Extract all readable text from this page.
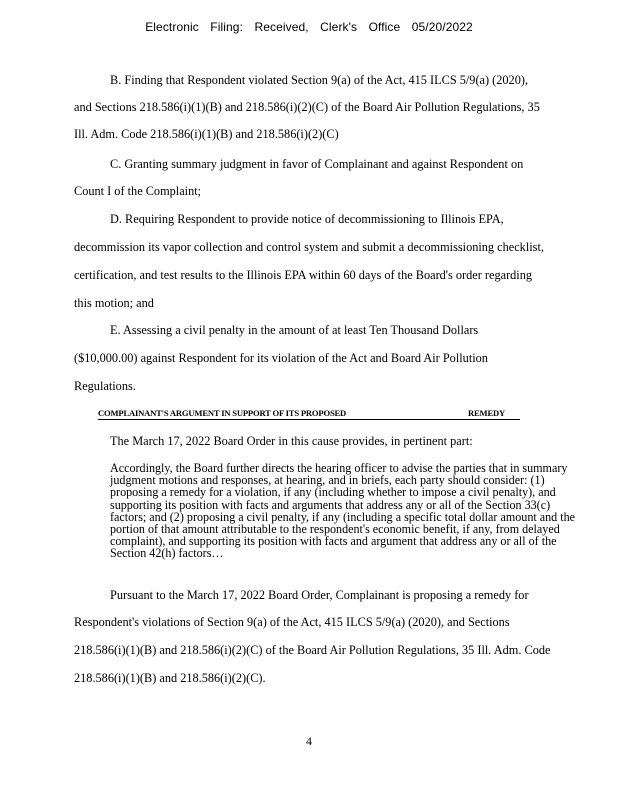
Electronic Filing: Received, Clerk's Office 05/20/2022
B. Finding that Respondent violated Section 9(a) of the Act, 415 ILCS 5/9(a) (2020),
and Sections 218.586(i)(1)(B) and 218.586(i)(2)(C) of the Board Air Pollution Regulations, 35
Ill. Adm. Code 218.586(i)(1)(B) and 218.586(i)(2)(C)
C. Granting summary judgment in favor of Complainant and against Respondent on
Count I of the Complaint;
D. Requiring Respondent to provide notice of decommissioning to Illinois EPA,
decommission its vapor collection and control system and submit a decommissioning checklist,
certification, and test results to the Illinois EPA within 60 days of the Board's order regarding
this motion; and
E. Assessing a civil penalty in the amount of at least Ten Thousand Dollars
($10,000.00) against Respondent for its violation of the Act and Board Air Pollution
Regulations.
COMPLAINANT'S ARGUMENT IN SUPPORT OF ITS PROPOSED	REMEDY
The March 17, 2022 Board Order in this cause provides, in pertinent part:
Accordingly, the Board further directs the hearing officer to advise the parties that in summary judgment motions and responses, at hearing, and in briefs, each party should consider: (1) proposing a remedy for a violation, if any (including whether to impose a civil penalty), and supporting its position with facts and arguments that address any or all of the Section 33(c) factors; and (2) proposing a civil penalty, if any (including a specific total dollar amount and the portion of that amount attributable to the respondent's economic benefit, if any, from delayed complaint), and supporting its position with facts and argument that address any or all of the Section 42(h) factors…
Pursuant to the March 17, 2022 Board Order, Complainant is proposing a remedy for
Respondent's violations of Section 9(a) of the Act, 415 ILCS 5/9(a) (2020), and Sections
218.586(i)(1)(B) and 218.586(i)(2)(C) of the Board Air Pollution Regulations, 35 Ill. Adm. Code
218.586(i)(1)(B) and 218.586(i)(2)(C).
4
